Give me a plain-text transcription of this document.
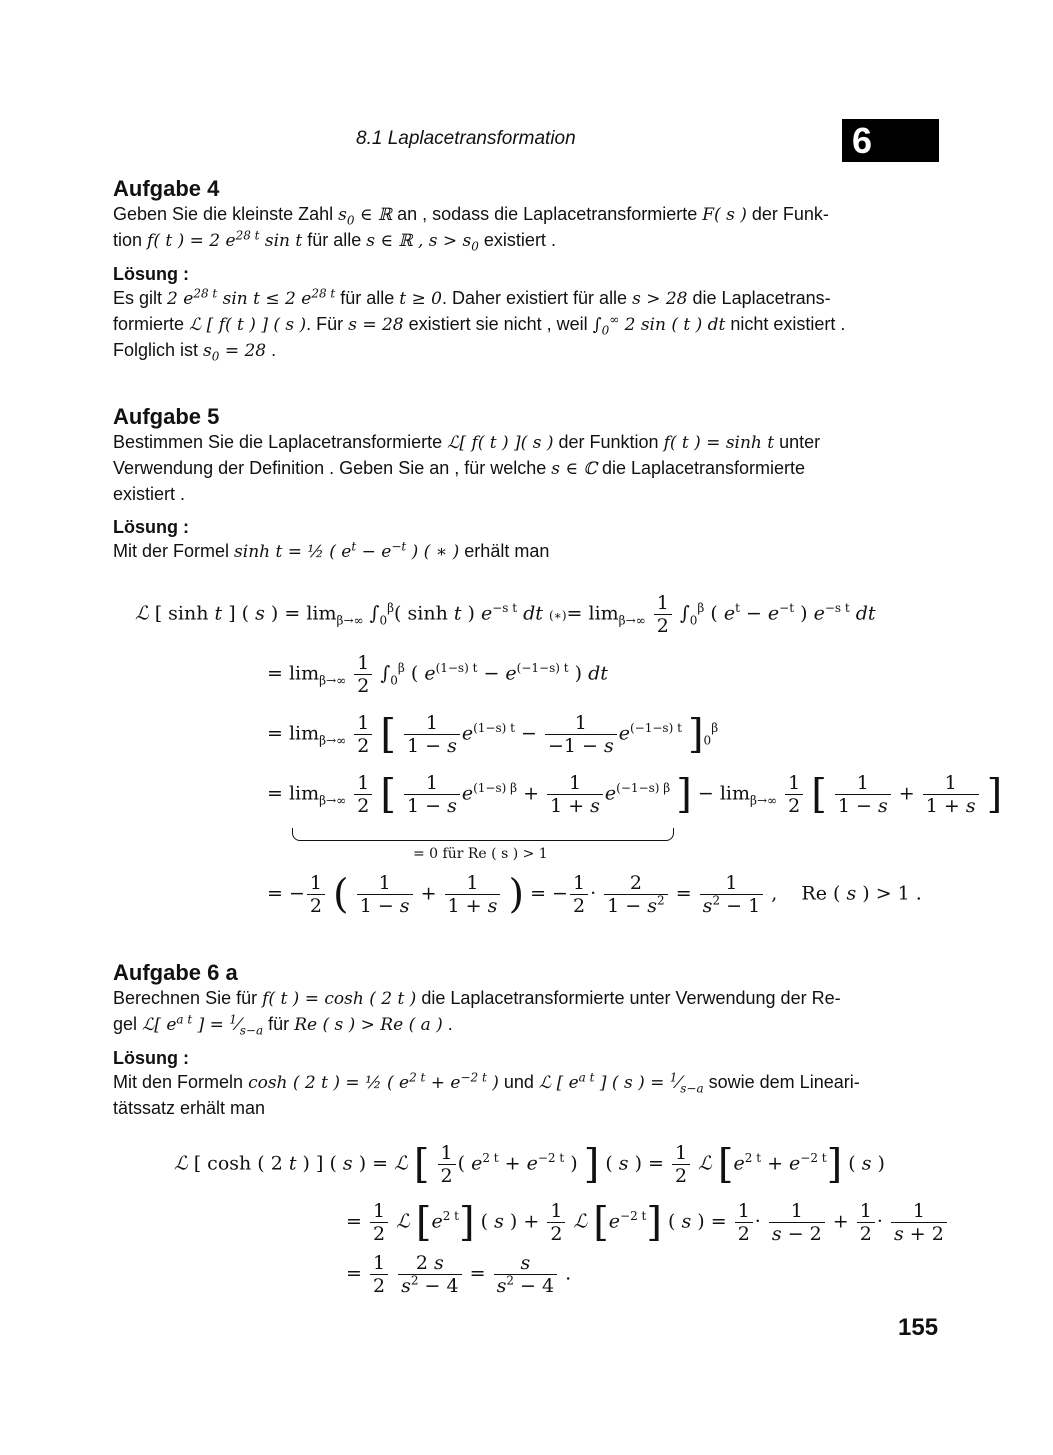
8.1 Laplacetransformation	6
Aufgabe 4
Geben Sie die kleinste Zahl $s_0$ ∈ ℝ an , sodass die Laplacetransformierte F( s ) der Funk-
tion f( t ) = 2 $e^{28 t}$ sin t für alle s ∈ ℝ , $s > s_0$ existiert .
Lösung :
Es gilt 2 $e^{28 t}$ sin t ≤ 2 $e^{28 t}$ für alle t ≥ 0. Daher existiert für alle s > 28 die Laplacetrans-
formierte ℒ [ f( t ) ] ( s ). Für s = 28 existiert sie nicht , weil $\int_0^\infty$ 2 sin ( t ) dt nicht existiert .
Folglich ist $s_0 = 28$ .
Aufgabe 5
Bestimmen Sie die Laplacetransformierte ℒ[ f( t ) ]( s ) der Funktion f( t ) = sinh t unter
Verwendung der Definition . Geben Sie an , für welche s ∈ ℂ die Laplacetransformierte
existiert .
Lösung :
Mit der Formel sinh t = ½ ( $e^t - e^{-t}$ ) ( ∗ ) erhält man
ℒ [ sinh t ] ( s ) = $\lim_{\beta\to\infty} \int_0^\beta$( sinh t ) $e^{-s t}$ dt (∗)= $\lim_{\beta\to\infty} \frac{1}{2} \int_0^\beta$ ( $e^t - e^{-t}$ ) $e^{-s t}$ dt
= $\lim_{\beta\to\infty} \frac{1}{2} \int_0^\beta$ ( $e^{(1-s) t} - e^{(-1-s) t}$ ) dt
= $\lim_{\beta\to\infty} \frac{1}{2}$ [ $\frac{1}{1 - s} e^{(1-s) t} - \frac{1}{-1 - s} e^{(-1-s) t}$ ]$_0^\beta$
= $\lim_{\beta\to\infty} \frac{1}{2}$ [ $\frac{1}{1 - s} e^{(1-s) \beta} + \frac{1}{1 + s} e^{(-1-s) \beta}$ ] − $\lim_{\beta\to\infty} \frac{1}{2}$ [ $\frac{1}{1 - s} + \frac{1}{1 + s}$ ]
= 0 für Re ( s ) > 1
= − $\frac{1}{2}$ ( $\frac{1}{1 - s} + \frac{1}{1 + s}$ ) = − $\frac{1}{2} \cdot \frac{2}{1 - s^2} = \frac{1}{s^2 - 1}$ ,    Re ( s ) > 1 .
Aufgabe 6 a
Berechnen Sie für f( t ) = cosh ( 2 t ) die Laplacetransformierte unter Verwendung der Re-
gel ℒ[ $e^{a t}$ ] = $^1⁄_{s-a}$ für Re ( s ) > Re ( a ) .
Lösung :
Mit den Formeln cosh ( 2 t ) = ½ ( $e^{2 t} + e^{-2 t}$ ) und ℒ [ $e^{a t}$ ] ( s ) = $^1⁄_{s-a}$ sowie dem Lineari-
tätssatz erhält man
ℒ [ cosh ( 2 t ) ] ( s ) = ℒ [ $\frac{1}{2}$ ( $e^{2 t} + e^{-2 t}$ ) ] ( s ) = $\frac{1}{2}$ ℒ $[e^{2 t} + e^{-2 t}]$ ( s )
= $\frac{1}{2}$ ℒ $[e^{2 t}]$ ( s ) + $\frac{1}{2}$ ℒ $[e^{-2 t}]$ ( s ) = $\frac{1}{2} \cdot \frac{1}{s - 2} + \frac{1}{2} \cdot \frac{1}{s + 2}$
= $\frac{1}{2}$
$\frac{2 s}{s^2 - 4} = \frac{s}{s^2 - 4}$ .
155
